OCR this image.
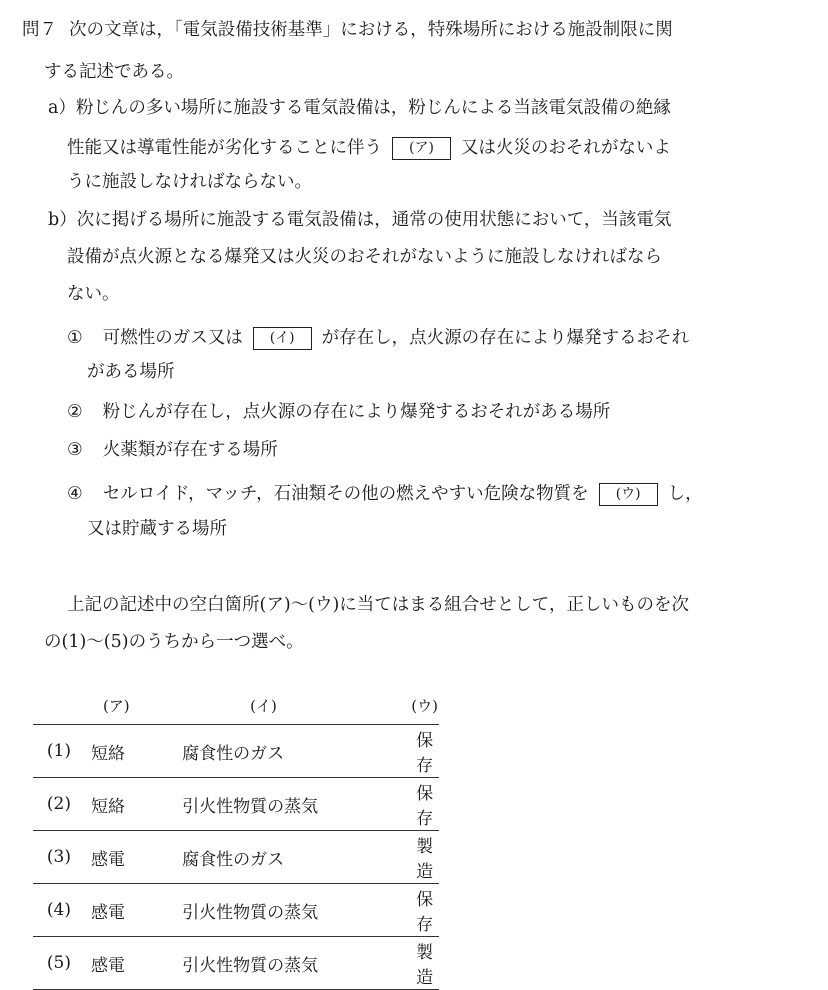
問７ 次の文章は，「電気設備技術基準」における，特殊場所における施設制限に関
する記述である。
a）粉じんの多い場所に施設する電気設備は，粉じんによる当該電気設備の絶縁
性能又は導電性能が劣化することに伴う (ア) 又は火災のおそれがないよ
うに施設しなければならない。
b）次に掲げる場所に施設する電気設備は，通常の使用状態において，当該電気
設備が点火源となる爆発又は火災のおそれがないように施設しなければなら
ない。
① 可燃性のガス又は (イ) が存在し，点火源の存在により爆発するおそれ
がある場所
② 粉じんが存在し，点火源の存在により爆発するおそれがある場所
③ 火薬類が存在する場所
④ セルロイド，マッチ，石油類その他の燃えやすい危険な物質を (ウ) し，
又は貯蔵する場所
上記の記述中の空白箇所(ア)～(ウ)に当てはまる組合せとして，正しいものを次
の(1)～(5)のうちから一つ選べ。
	(ア)	(イ)	(ウ)
(1)	短絡	腐食性のガス	保存
(2)	短絡	引火性物質の蒸気	保存
(3)	感電	腐食性のガス	製造
(4)	感電	引火性物質の蒸気	保存
(5)	感電	引火性物質の蒸気	製造
